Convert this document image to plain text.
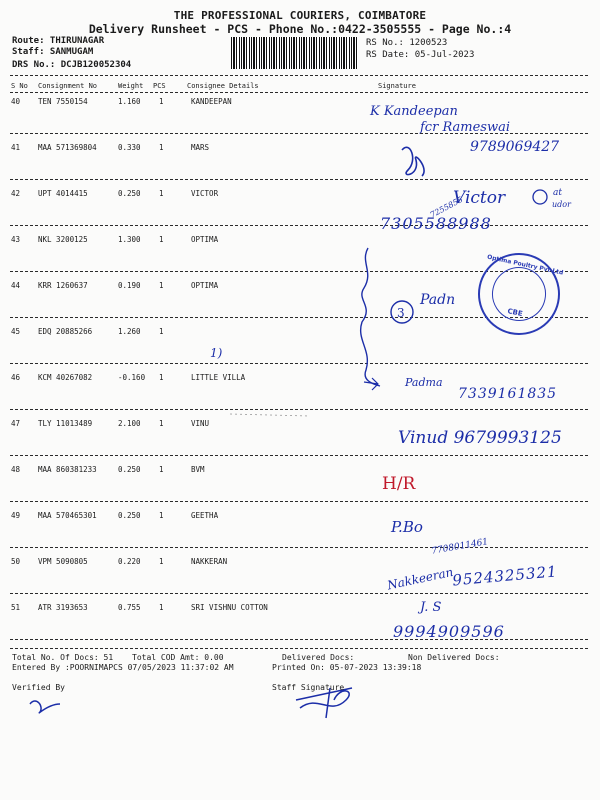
THE PROFESSIONAL COURIERS, COIMBATORE
Delivery Runsheet - PCS - Phone No.:0422-3505555 - Page No.:4
Route: THIRUNAGAR
Staff: SANMUGAM
DRS No.: DCJB120052304
RS No.: 1200523
RS Date: 05-Jul-2023
S No Consignment No	Weight PCS	Consignee Details	Signature
40 TEN 7550154	1.160 1	KANDEEPAN
41 MAA 571369804	0.330 1	MARS
42 UPT 4014415	0.250 1	VICTOR
43 NKL 3200125	1.300 1	OPTIMA
44 KRR 1260637	0.190 1	OPTIMA
45 EDQ 20885266	1.260 1
46 KCM 40267082	-0.160 1	LITTLE VILLA
47 TLY 11013489	2.100 1	VINU
48 MAA 860381233	0.250 1	BVM
49 MAA 570465301	0.250 1	GEETHA
50 VPM 5090805	0.220 1	NAKKERAN
51 ATR 3193653	0.755 1	SRI VISHNU COTTON
Optima Poultry Pvt Ltd
CBE
K Kandeepan
fcr Rameswai
9789069427
7255855
Victor	at
udor
7305588988
Padn
1)
Padma
7339161835
Vinud 9679993125
H/R
P.Bo
7708011461
Nakkeeran
9524325321
J. S
9994909596
3
Total No. Of Docs: 51 Total COD Amt: 0.00	Delivered Docs:	Non Delivered Docs:
Entered By :POORNIMAPCS 07/05/2023 11:37:02 AM	Printed On: 05-07-2023 13:39:18
Verified By	Staff Signature
